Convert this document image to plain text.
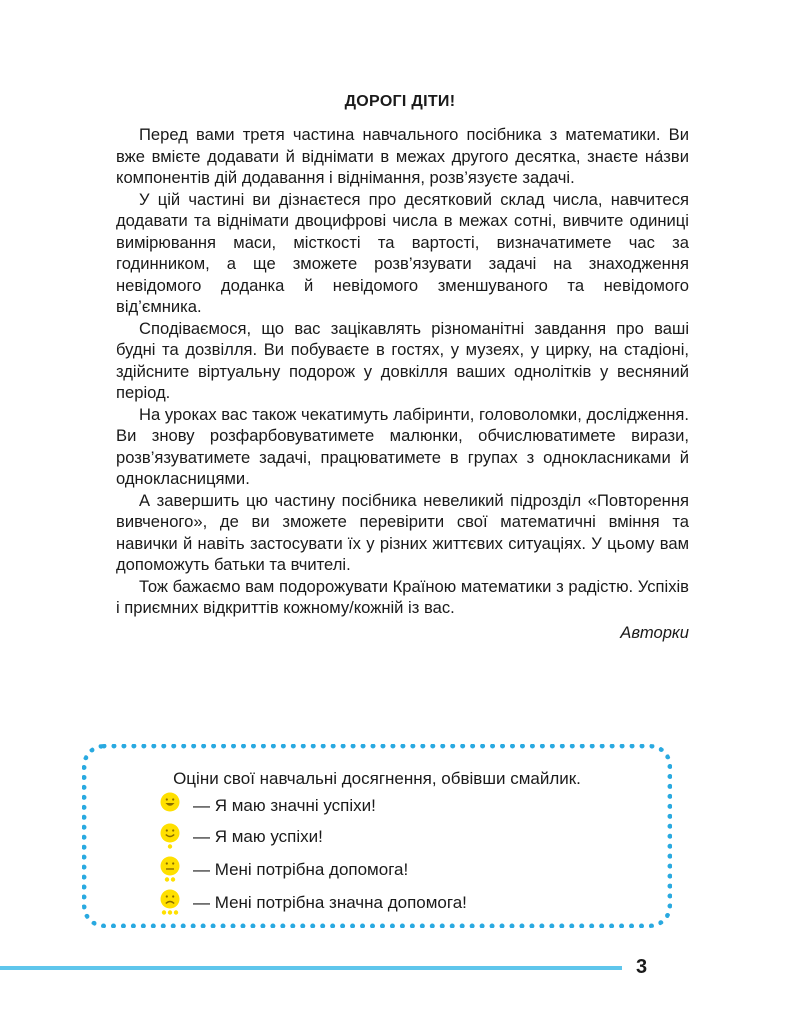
ДОРОГІ ДІТИ!

Перед вами третя частина навчального посібника з математики. Ви вже вмієте додавати й віднімати в межах другого десятка, знаєте на́зви компонентів дій додавання і віднімання, розв’язуєте задачі.

У цій частині ви дізнаєтеся про десятковий склад числа, навчитеся додавати та віднімати двоцифрові числа в межах сотні, вивчите одиниці вимірювання маси, місткості та вартості, визначатимете час за годинником, а ще зможете розв’язувати задачі на знаходження невідомого доданка й невідомого зменшуваного та невідомого від’ємника.

Сподіваємося, що вас зацікавлять різноманітні завдання про ваші будні та дозвілля. Ви побуваєте в гостях, у музеях, у цирку, на стадіоні, здійсните віртуальну подорож у довкілля ваших однолітків у весняний період.

На уроках вас також чекатимуть лабіринти, головоломки, дослідження. Ви знову розфарбовуватимете малюнки, обчислюватимете вирази, розв’язуватимете задачі, працюватимете в групах з однокласниками й однокласницями.

А завершить цю частину посібника невеликий підрозділ «Повторення вивченого», де ви зможете перевірити свої математичні вміння та навички й навіть застосувати їх у різних життєвих ситуаціях. У цьому вам допоможуть батьки та вчителі.

Тож бажаємо вам подорожувати Країною математики з радістю. Успіхів і приємних відкриттів кожному/кожній із вас.

Авторки
Оціни свої навчальні досягнення, обвівши смайлик.
— Я маю значні успіхи!
— Я маю успіхи!
— Мені потрібна допомога!
— Мені потрібна значна допомога!
3
